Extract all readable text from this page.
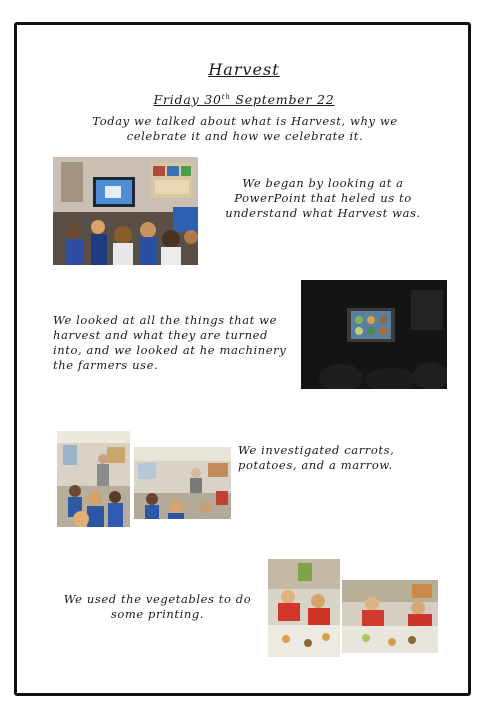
Harvest
Friday 30th September 22
Today we talked about what is Harvest, why we celebrate it and how we celebrate it.
We began by looking at a PowerPoint that heled us to understand what Harvest was.
We looked at all the things that we harvest and what they are turned into, and we looked at he machinery the farmers use.
We investigated carrots, potatoes, and a marrow.
We used the vegetables to do some printing.
